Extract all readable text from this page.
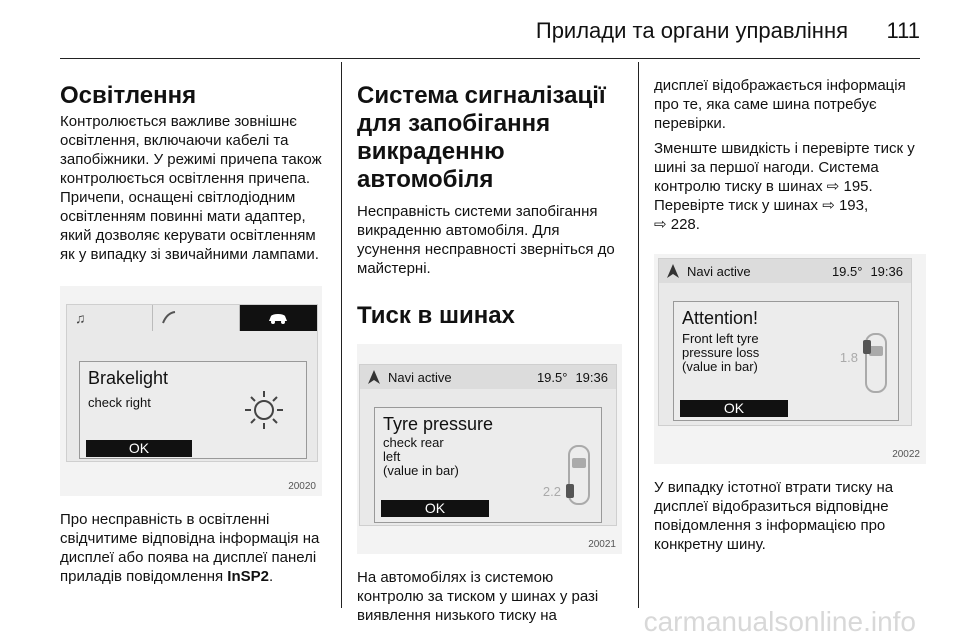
Прилади та органи управління 111
Освітлення
Контролюється важливе зовнішнє освітлення, включаючи кабелі та запобіжники. У режимі причепа також контролюється освітлення причепа. Причепи, оснащені світлодіодним освітленням повинні мати адаптер, який дозволяє керувати освітленням як у випадку зі звичайними лампами.
♫
Brakelight
check right
OK
20020
Про несправність в освітленні свідчитиме відповідна інформація на дисплеї або поява на дисплеї панелі приладів повідомлення InSP2.
Система сигналізації для запобігання викраденню автомобіля
Несправність системи запобігання викраденню автомобіля. Для усунення несправності зверніться до майстерні.
Тиск в шинах
Navi active	19.5° 19:36
Tyre pressure
check rear
left
(value in bar)
2.2
OK
20021
На автомобілях із системою контролю за тиском у шинах у разі виявлення низького тиску на
дисплеї відображається інформація про те, яка саме шина потребує перевірки.
Зменште швидкість і перевірте тиск у шині за першої нагоди. Система контролю тиску в шинах ⇨ 195. Перевірте тиск у шинах ⇨ 193,
⇨ 228.
Navi active	19.5° 19:36
Attention!
Front left tyre
pressure loss
(value in bar)
1.8
OK
20022
У випадку істотної втрати тиску на дисплеї відобразиться відповідне повідомлення з інформацією про конкретну шину.
carmanualsonline.info
